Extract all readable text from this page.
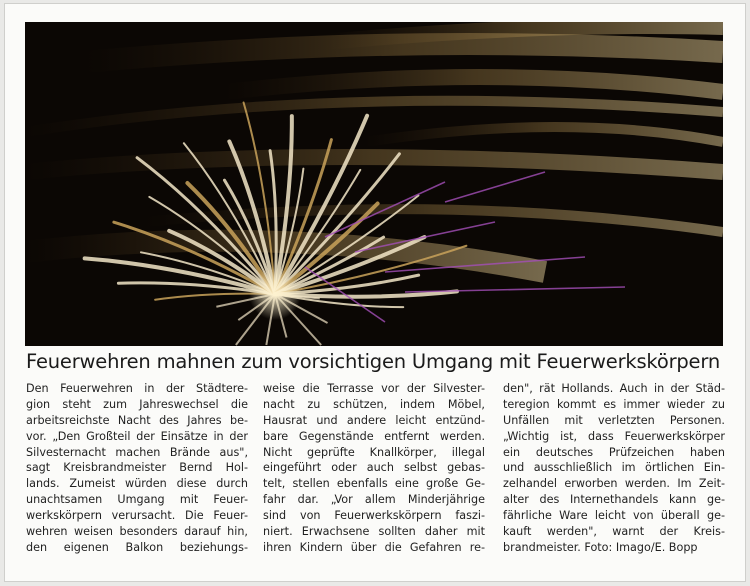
Feuerwehren mahnen zum vorsichtigen Umgang mit Feuerwerkskörpern
Den Feuerwehren in der Städtere-
gion steht zum Jahreswechsel die
arbeitsreichste Nacht des Jahres be-
vor. „Den Großteil der Einsätze in der
Silvesternacht machen Brände aus",
sagt Kreisbrandmeister Bernd Hol-
lands. Zumeist würden diese durch
unachtsamen Umgang mit Feuer-
werkskörpern verursacht. Die Feuer-
wehren weisen besonders darauf hin,
den eigenen Balkon beziehungs-
weise die Terrasse vor der Silvester-
nacht zu schützen, indem Möbel,
Hausrat und andere leicht entzünd-
bare Gegenstände entfernt werden.
Nicht geprüfte Knallkörper, illegal
eingeführt oder auch selbst gebas-
telt, stellen ebenfalls eine große Ge-
fahr dar. „Vor allem Minderjährige
sind von Feuerwerkskörpern faszi-
niert. Erwachsene sollten daher mit
ihren Kindern über die Gefahren re-
den", rät Hollands. Auch in der Städ-
teregion kommt es immer wieder zu
Unfällen mit verletzten Personen.
„Wichtig ist, dass Feuerwerkskörper
ein deutsches Prüfzeichen haben
und ausschließlich im örtlichen Ein-
zelhandel erworben werden. Im Zeit-
alter des Internethandels kann ge-
fährliche Ware leicht von überall ge-
kauft werden", warnt der Kreis-
brandmeister. Foto: Imago/E. Bopp
